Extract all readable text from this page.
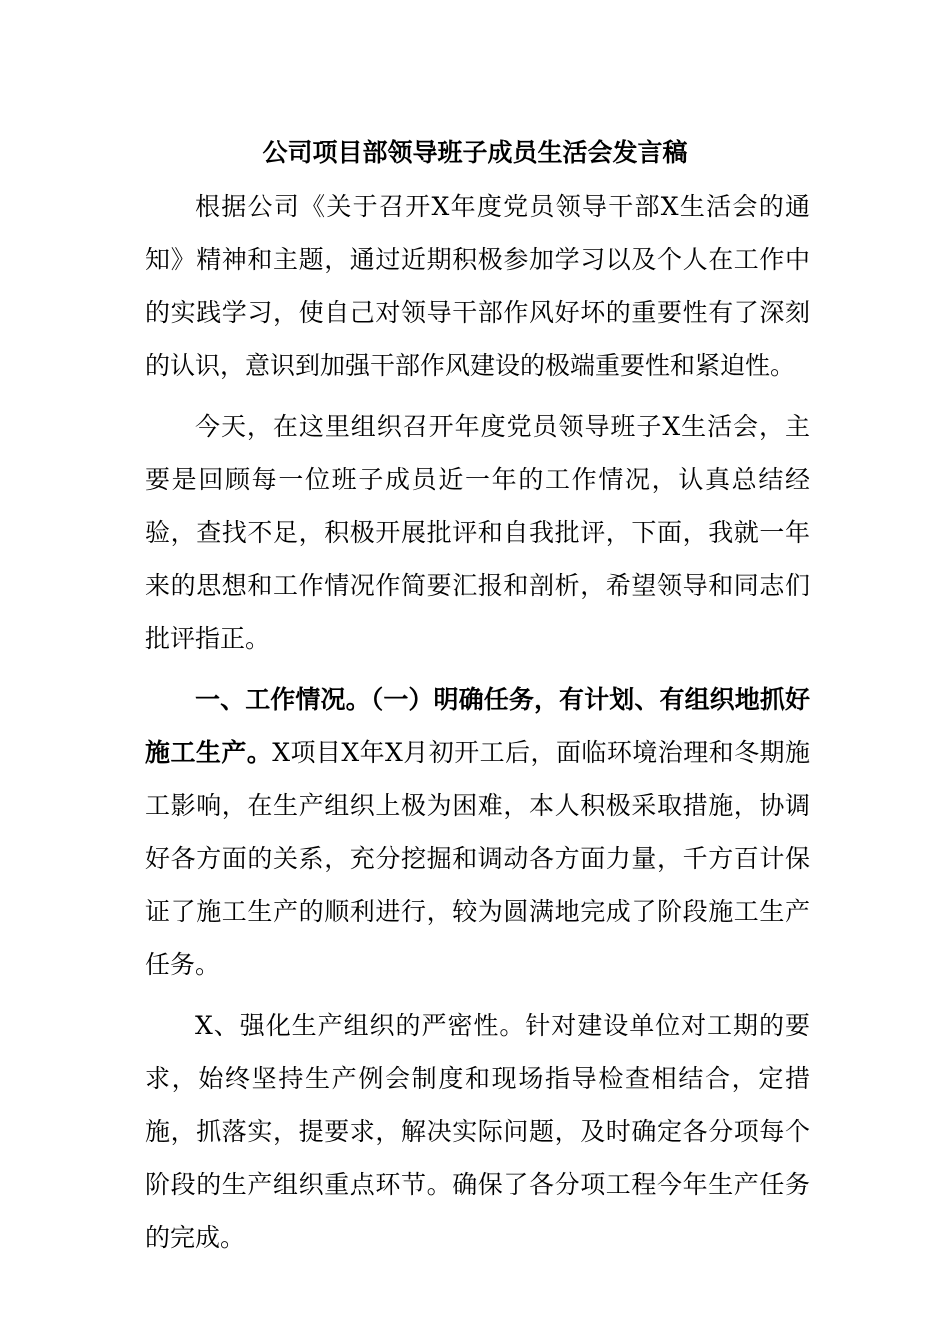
公司项目部领导班子成员生活会发言稿

根据公司《关于召开X年度党员领导干部X生活会的通知》精神和主题，通过近期积极参加学习以及个人在工作中的实践学习，使自己对领导干部作风好坏的重要性有了深刻的认识，意识到加强干部作风建设的极端重要性和紧迫性。

今天，在这里组织召开年度党员领导班子X生活会，主要是回顾每一位班子成员近一年的工作情况，认真总结经验，查找不足，积极开展批评和自我批评，下面，我就一年来的思想和工作情况作简要汇报和剖析，希望领导和同志们批评指正。

一、工作情况。（一）明确任务，有计划、有组织地抓好施工生产。X项目X年X月初开工后，面临环境治理和冬期施工影响，在生产组织上极为困难，本人积极采取措施，协调好各方面的关系，充分挖掘和调动各方面力量，千方百计保证了施工生产的顺利进行，较为圆满地完成了阶段施工生产任务。

X、强化生产组织的严密性。针对建设单位对工期的要求，始终坚持生产例会制度和现场指导检查相结合，定措施，抓落实，提要求，解决实际问题，及时确定各分项每个阶段的生产组织重点环节。确保了各分项工程今年生产任务的完成。
